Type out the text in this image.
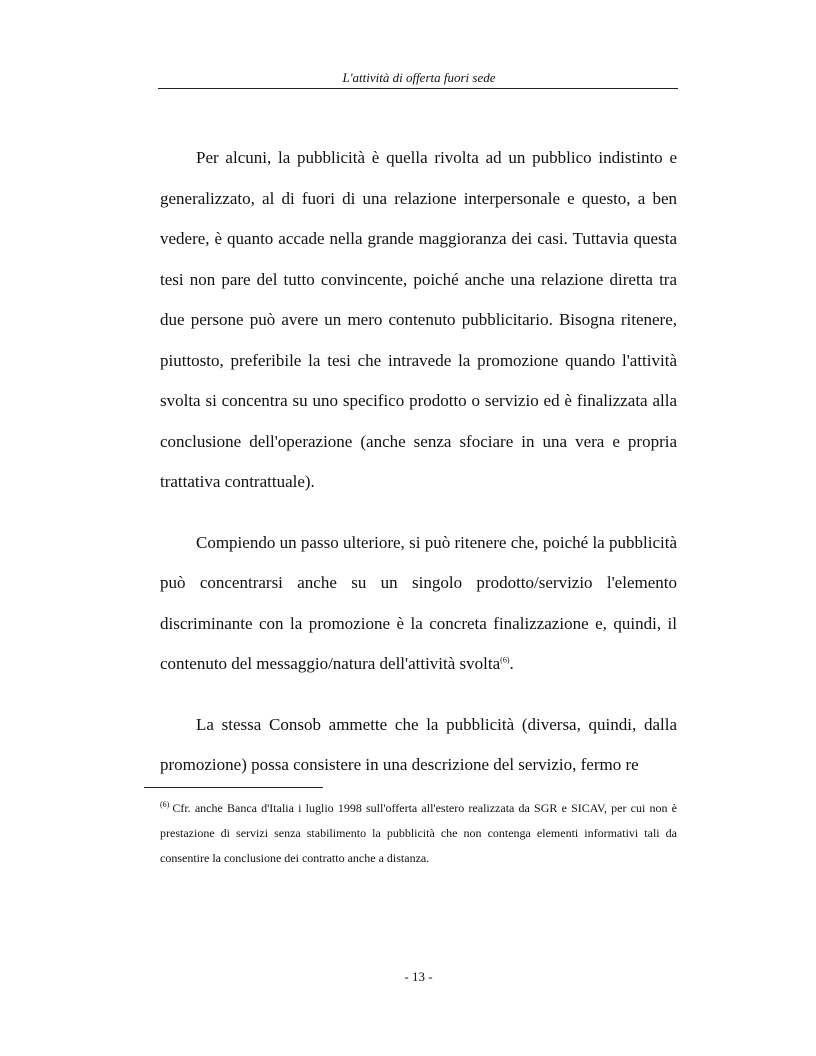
L'attività di offerta fuori sede

Per alcuni, la pubblicità è quella rivolta ad un pubblico indistinto e generalizzato, al di fuori di una relazione interpersonale e questo, a ben vedere, è quanto accade nella grande maggioranza dei casi. Tuttavia questa tesi non pare del tutto convincente, poiché anche una relazione diretta tra due persone può avere un mero contenuto pubblicitario. Bisogna ritenere, piuttosto, preferibile la tesi che intravede la promozione quando l'attività svolta si concentra su uno specifico prodotto o servizio ed è finalizzata alla conclusione dell'operazione (anche senza sfociare in una vera e propria trattativa contrattuale).

Compiendo un passo ulteriore, si può ritenere che, poiché la pubblicità può concentrarsi anche su un singolo prodotto/servizio l'elemento discriminante con la promozione è la concreta finalizzazione e, quindi, il contenuto del messaggio/natura dell'attività svolta$^{(6)}$.

La stessa Consob ammette che la pubblicità (diversa, quindi, dalla promozione) possa consistere in una descrizione del servizio, fermo re

$^{(6)}$ Cfr. anche Banca d'Italia i luglio 1998 sull'offerta all'estero realizzata da SGR e SICAV, per cui non è prestazione di servizi senza stabilimento la pubblicità che non contenga elementi informativi tali da consentire la conclusione dei contratto anche a distanza.
- 13 -
